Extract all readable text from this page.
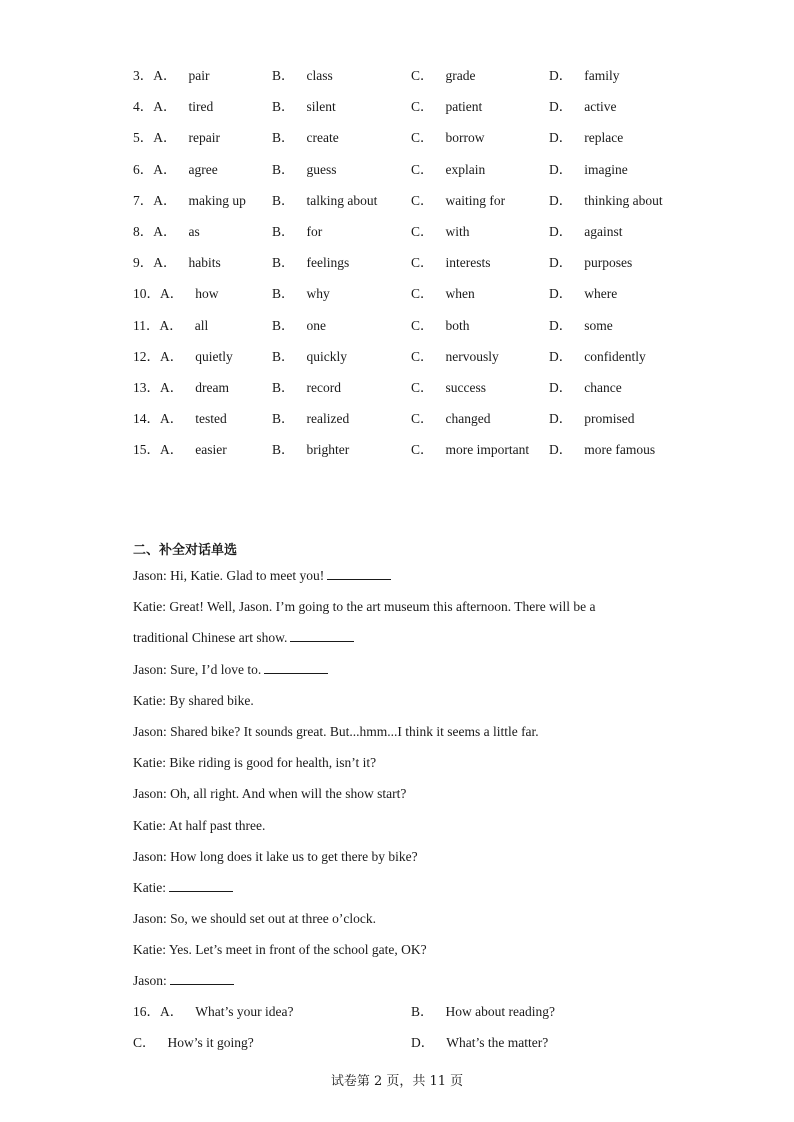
3．A． pair	B． class	C． grade	D． family
4．A． tired	B． silent	C． patient	D． active
5．A． repair	B． create	C． borrow	D． replace
6．A． agree	B． guess	C． explain	D． imagine
7．A． making up B． talking about C． waiting for	D． thinking about
8．A． as	B． for	C． with	D． against
9．A． habits	B． feelings	C． interests	D． purposes
10．A． how	B． why	C． when	D． where
11．A． all	B． one	C． both	D． some
12．A． quietly	B． quickly	C． nervously	D． confidently
13．A． dream	B． record	C． success	D． chance
14．A． tested	B． realized	C． changed	D． promised
15．A． easier	B． brighter	C． more important D． more famous
二、补全对话单选
Jason: Hi, Katie. Glad to meet you!
Katie: Great! Well, Jason. I’m going to the art museum this afternoon. There will be a
traditional Chinese art show.
Jason: Sure, I’d love to.
Katie: By shared bike.
Jason: Shared bike? It sounds great. But...hmm...I think it seems a little far.
Katie: Bike riding is good for health, isn’t it?
Jason: Oh, all right. And when will the show start?
Katie: At half past three.
Jason: How long does it lake us to get there by bike?
Katie:
Jason: So, we should set out at three o’clock.
Katie: Yes. Let’s meet in front of the school gate, OK?
Jason:
16．A． What’s your idea?	B． How about reading?
C． How’s it going?	D． What’s the matter?
试卷第 2 页，共 11 页
